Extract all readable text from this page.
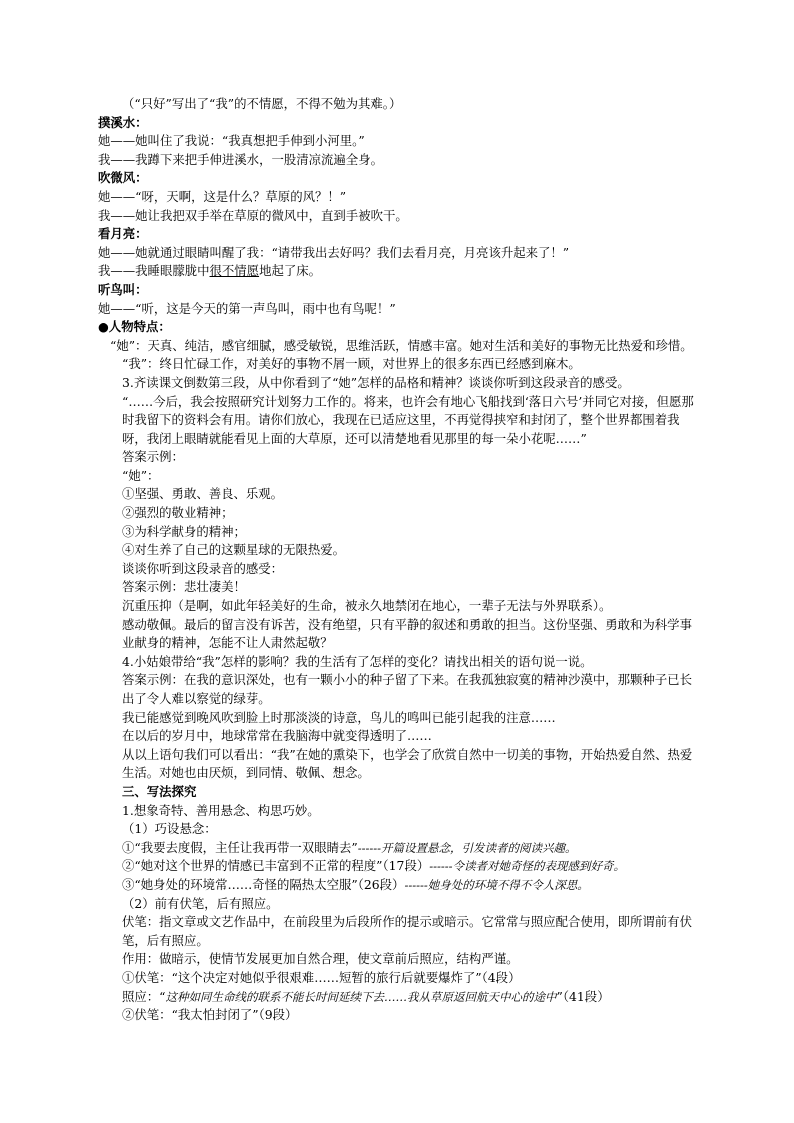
（“只好”写出了“我”的不情愿，不得不勉为其难。）
撲溪水：
她——她叫住了我说：“我真想把手伸到小河里。”
我——我蹲下来把手伸进溪水，一股清凉流遍全身。
吹微风：
她——“呀，天啊，这是什么？草原的风？！”
我——她让我把双手举在草原的微风中，直到手被吹干。
看月亮：
她——她就通过眼睛叫醒了我：“请带我出去好吗？我们去看月亮，月亮该升起来了！”
我——我睡眼朦胧中很不情愿地起了床。
听鸟叫：
她——“听，这是今天的第一声鸟叫，雨中也有鸟呢！”
●人物特点：
“她”：天真、纯洁，感官细腻，感受敏锐，思维活跃，情感丰富。她对生活和美好的事物无比热爱和珍惜。
“我”：终日忙碌工作，对美好的事物不屑一顾，对世界上的很多东西已经感到麻木。
3.齐读课文倒数第三段，从中你看到了“她”怎样的品格和精神？谈谈你听到这段录音的感受。
“……今后，我会按照研究计划努力工作的。将来，也许会有地心飞船找到‘落日六号’并同它对接，但愿那时我留下的资料会有用。请你们放心，我现在已适应这里，不再觉得挟窄和封闭了，整个世界都围着我呀，我闭上眼睛就能看见上面的大草原，还可以清楚地看见那里的每一朵小花呢……”
答案示例：
“她”：
①坚强、勇敢、善良、乐观。
②强烈的敬业精神；
③为科学献身的精神；
④对生养了自己的这颗星球的无限热爱。
谈谈你听到这段录音的感受：
答案示例：悲壮凄美！
沉重压抑（是啊，如此年轻美好的生命，被永久地禁闭在地心，一辈子无法与外界联系）。
感动敬佩。最后的留言没有诉苦，没有绝望，只有平静的叙述和勇敢的担当。这份坚强、勇敢和为科学事业献身的精神，怎能不让人肃然起敬？
4.小姑娘带给“我”怎样的影响？我的生活有了怎样的变化？请找出相关的语句说一说。
答案示例：在我的意识深处，也有一颗小小的种子留了下来。在我孤独寂寞的精神沙漠中，那颗种子已长出了令人难以察觉的绿芽。
我已能感觉到晚风吹到脸上时那淡淡的诗意，鸟儿的鸣叫已能引起我的注意……
在以后的岁月中，地球常常在我脑海中就变得透明了……
从以上语句我们可以看出：“我”在她的熏染下，也学会了欣赏自然中一切美的事物，开始热爱自然、热爱生活。对她也由厌烦，到同情、敬佩、想念。
三、写法探究
1.想象奇特、善用悬念、构思巧妙。
（1）巧设悬念：
①“我要去度假，主任让我再带一双眼睛去”------开篇设置悬念，引发读者的阅读兴趣。
②“她对这个世界的情感已丰富到不正常的程度”（17段）------令读者对她奇怪的表现感到好奇。
③“她身处的环境常……奇怪的隔热太空服”（26段）------她身处的环境不得不令人深思。
（2）前有伏笔，后有照应。
伏笔：指文章或文艺作品中，在前段里为后段所作的提示或暗示。它常常与照应配合使用，即所谓前有伏笔，后有照应。
作用：做暗示，使情节发展更加自然合理，使文章前后照应，结构严谨。
①伏笔：“这个决定对她似乎很艰难……短暂的旅行后就要爆炸了”（4段）
照应：“这种如同生命线的联系不能长时间延续下去……我从草原返回航天中心的途中”（41段）
②伏笔：“我太怕封闭了”（9段）
